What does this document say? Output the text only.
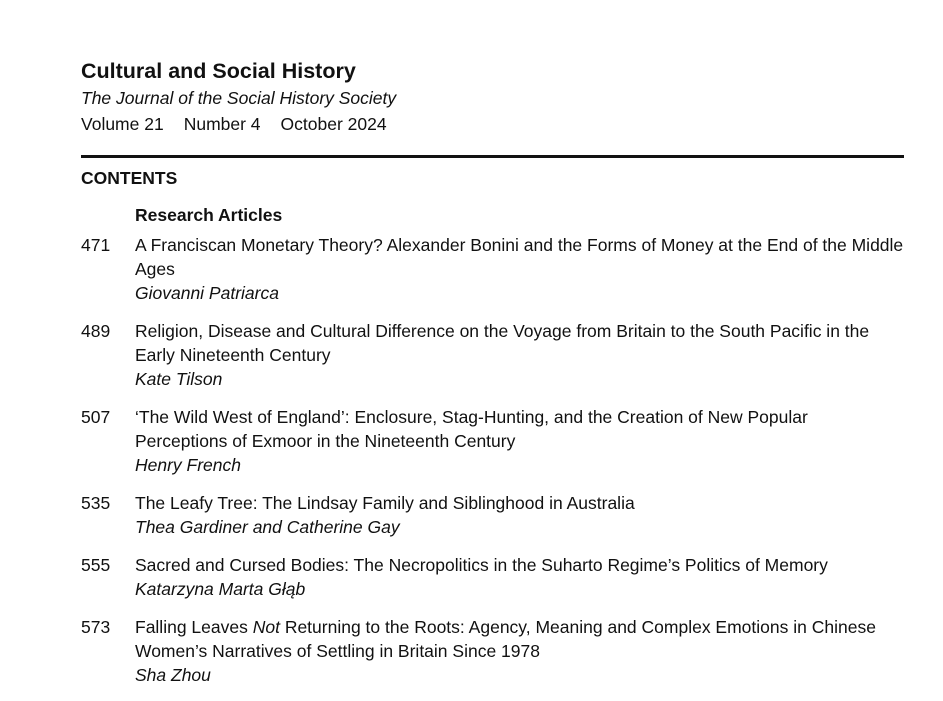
Cultural and Social History
The Journal of the Social History Society
Volume 21 Number 4 October 2024
CONTENTS
Research Articles
471	A Franciscan Monetary Theory? Alexander Bonini and the Forms of Money at the End of the Middle Ages
Giovanni Patriarca
489	Religion, Disease and Cultural Difference on the Voyage from Britain to the South Pacific in the Early Nineteenth Century
Kate Tilson
507	‘The Wild West of England’: Enclosure, Stag-Hunting, and the Creation of New Popular Perceptions of Exmoor in the Nineteenth Century
Henry French
535	The Leafy Tree: The Lindsay Family and Siblinghood in Australia
Thea Gardiner and Catherine Gay
555	Sacred and Cursed Bodies: The Necropolitics in the Suharto Regime’s Politics of Memory
Katarzyna Marta Głąb
573	Falling Leaves Not Returning to the Roots: Agency, Meaning and Complex Emotions in Chinese Women’s Narratives of Settling in Britain Since 1978
Sha Zhou
